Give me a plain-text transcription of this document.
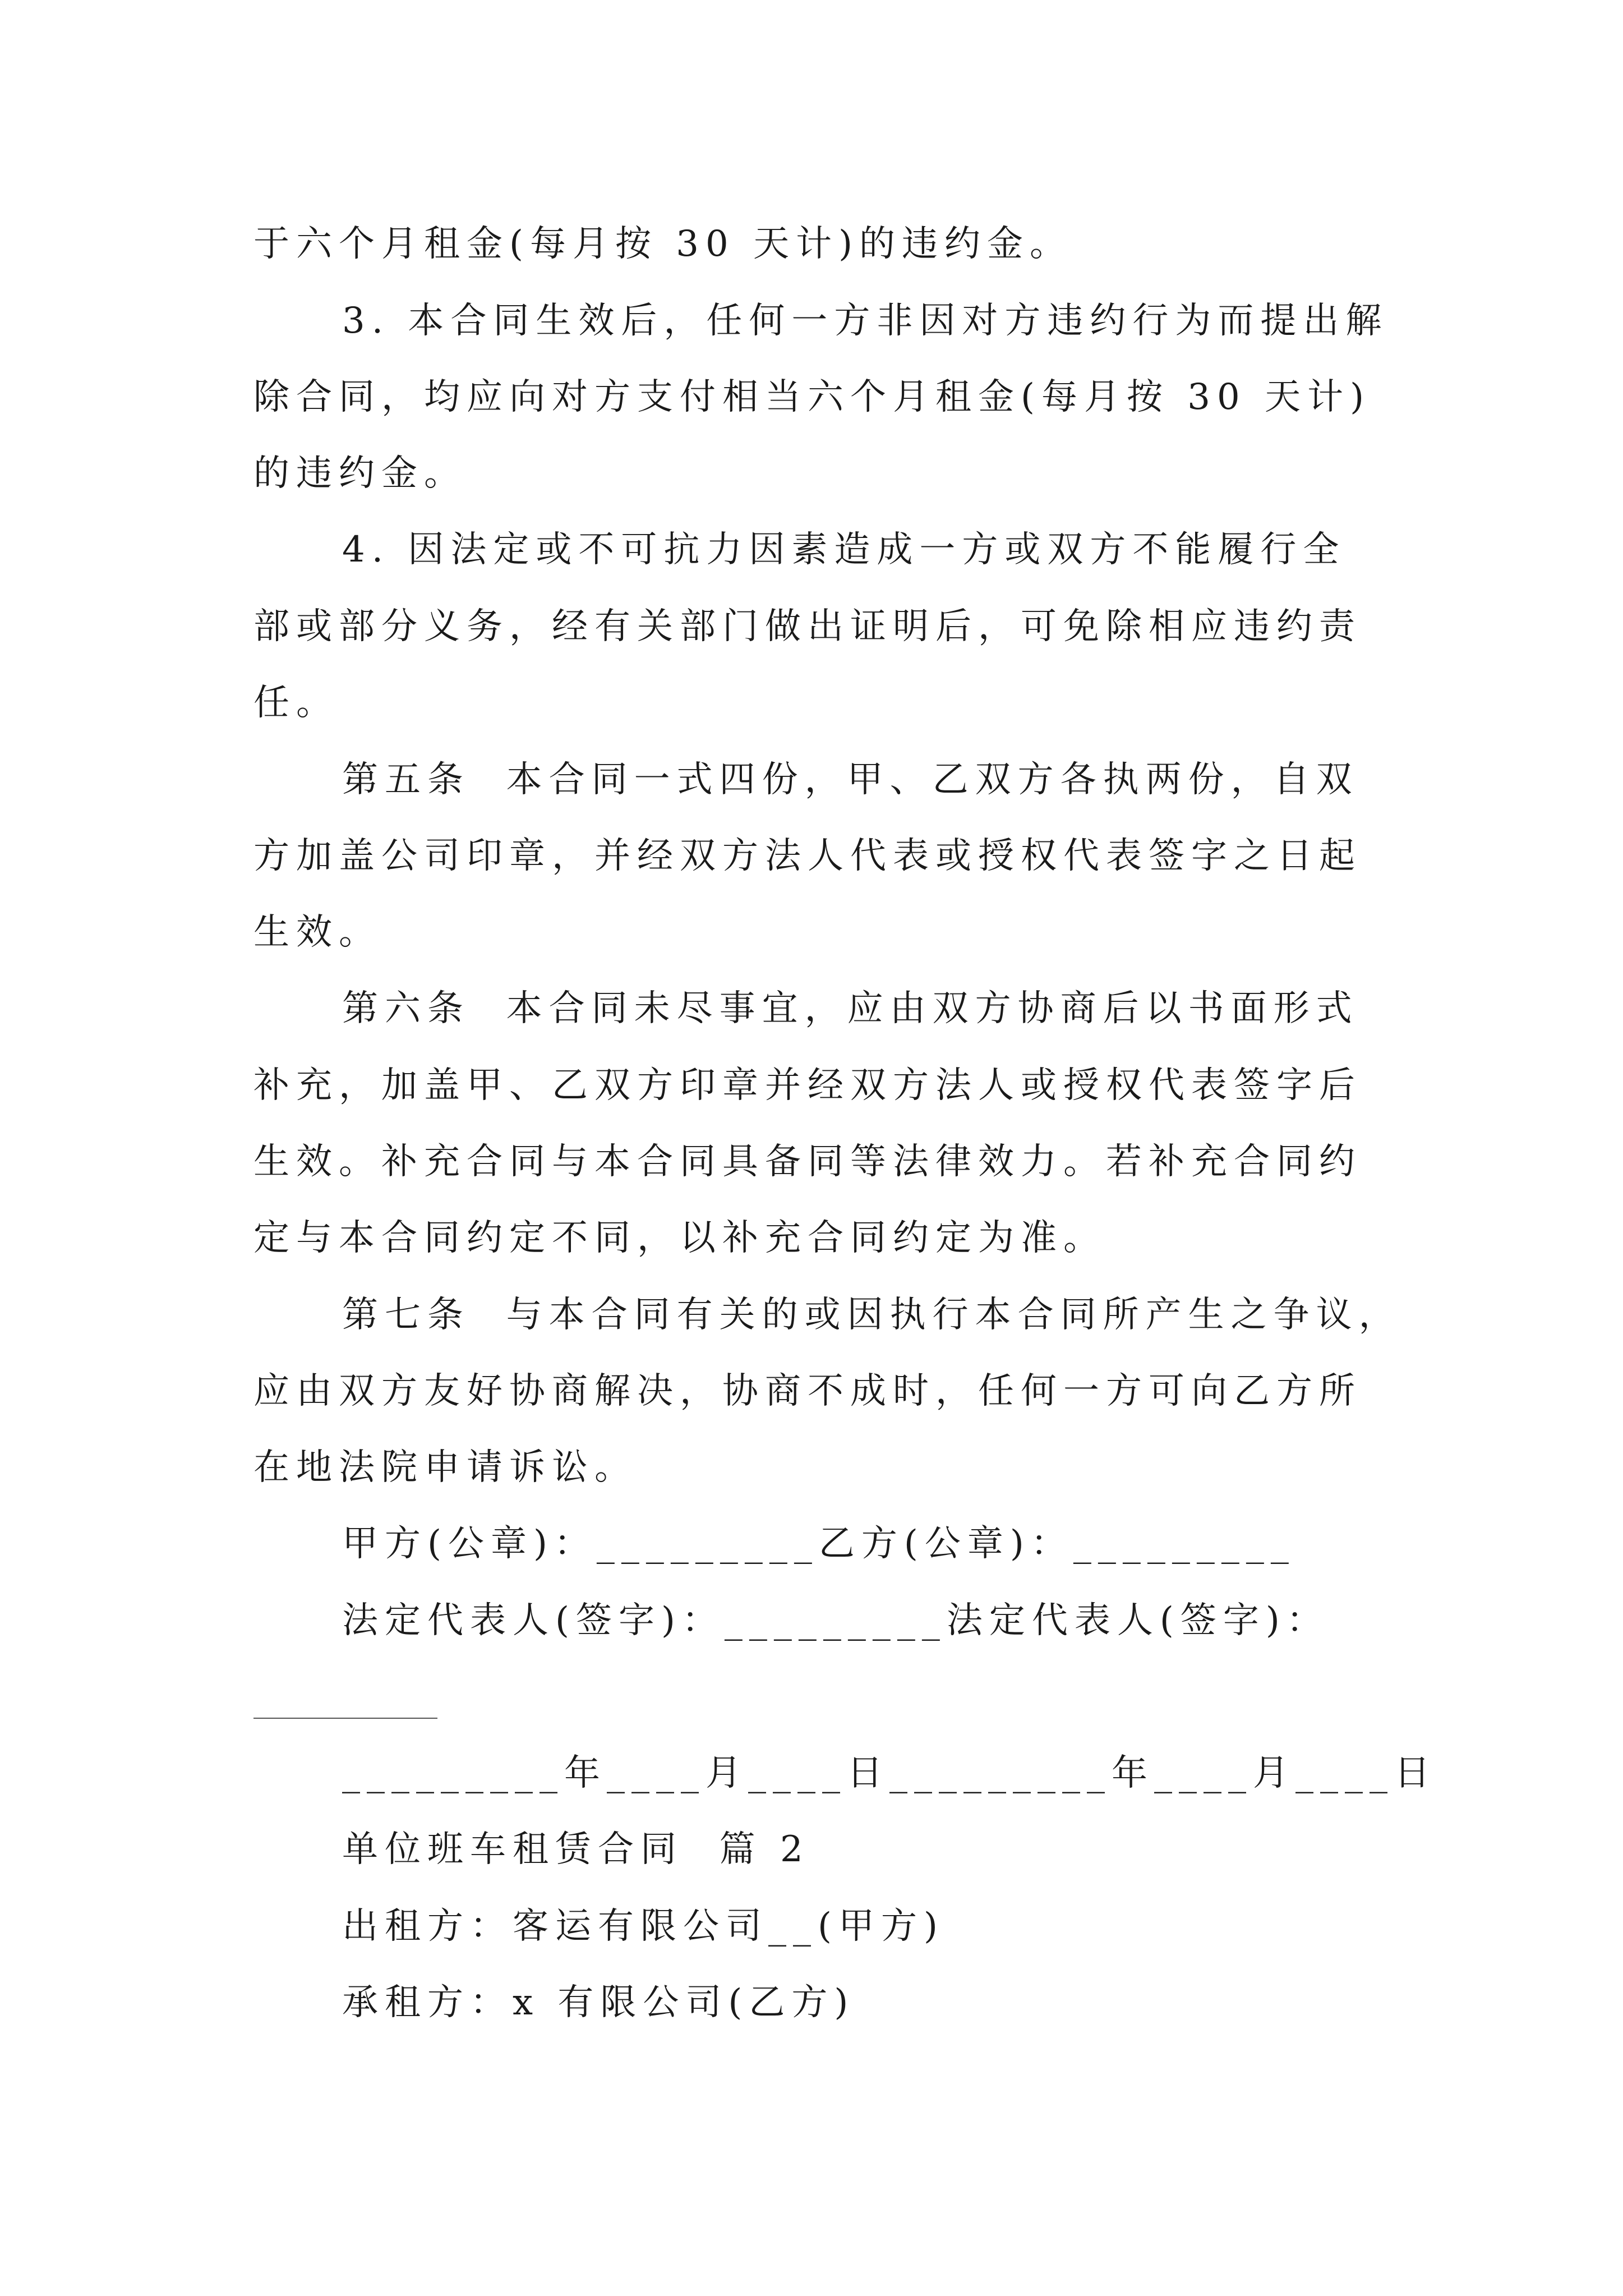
于六个月租金(每月按 30 天计)的违约金。
3. 本合同生效后，任何一方非因对方违约行为而提出解
除合同，均应向对方支付相当六个月租金(每月按 30 天计)
的违约金。
4. 因法定或不可抗力因素造成一方或双方不能履行全
部或部分义务，经有关部门做出证明后，可免除相应违约责
任。
第五条  本合同一式四份，甲、乙双方各执两份，自双
方加盖公司印章，并经双方法人代表或授权代表签字之日起
生效。
第六条  本合同未尽事宜，应由双方协商后以书面形式
补充，加盖甲、乙双方印章并经双方法人或授权代表签字后
生效。补充合同与本合同具备同等法律效力。若补充合同约
定与本合同约定不同，以补充合同约定为准。
第七条  与本合同有关的或因执行本合同所产生之争议，
应由双方友好协商解决，协商不成时，任何一方可向乙方所
在地法院申请诉讼。
甲方(公章)：_________乙方(公章)：_________
法定代表人(签字)：_________法定代表人(签字)：
_________年____月____日_________年____月____日
单位班车租赁合同  篇 2
出租方：客运有限公司__(甲方)
承租方：x 有限公司(乙方)
